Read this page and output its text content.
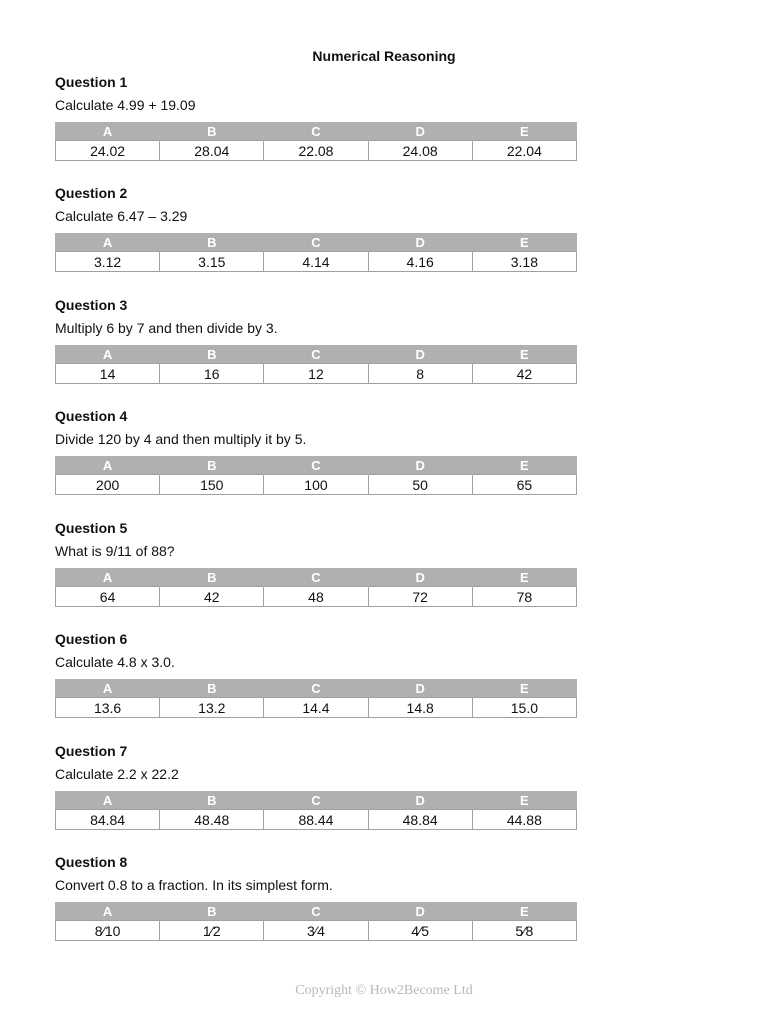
Numerical Reasoning
Question 1
Calculate 4.99 + 19.09
A	B	C	D	E
24.02	28.04	22.08	24.08	22.04
Question 2
Calculate 6.47 – 3.29
A	B	C	D	E
3.12	3.15	4.14	4.16	3.18
Question 3
Multiply 6 by 7 and then divide by 3.
A	B	C	D	E
14	16	12	8	42
Question 4
Divide 120 by 4 and then multiply it by 5.
A	B	C	D	E
200	150	100	50	65
Question 5
What is 9/11 of 88?
A	B	C	D	E
64	42	48	72	78
Question 6
Calculate 4.8 x 3.0.
A	B	C	D	E
13.6	13.2	14.4	14.8	15.0
Question 7
Calculate 2.2 x 22.2
A	B	C	D	E
84.84	48.48	88.44	48.84	44.88
Question 8
Convert 0.8 to a fraction. In its simplest form.
A	B	C	D	E
8⁄10	1⁄2	3⁄4	4⁄5	5⁄8
Copyright © How2Become Ltd
